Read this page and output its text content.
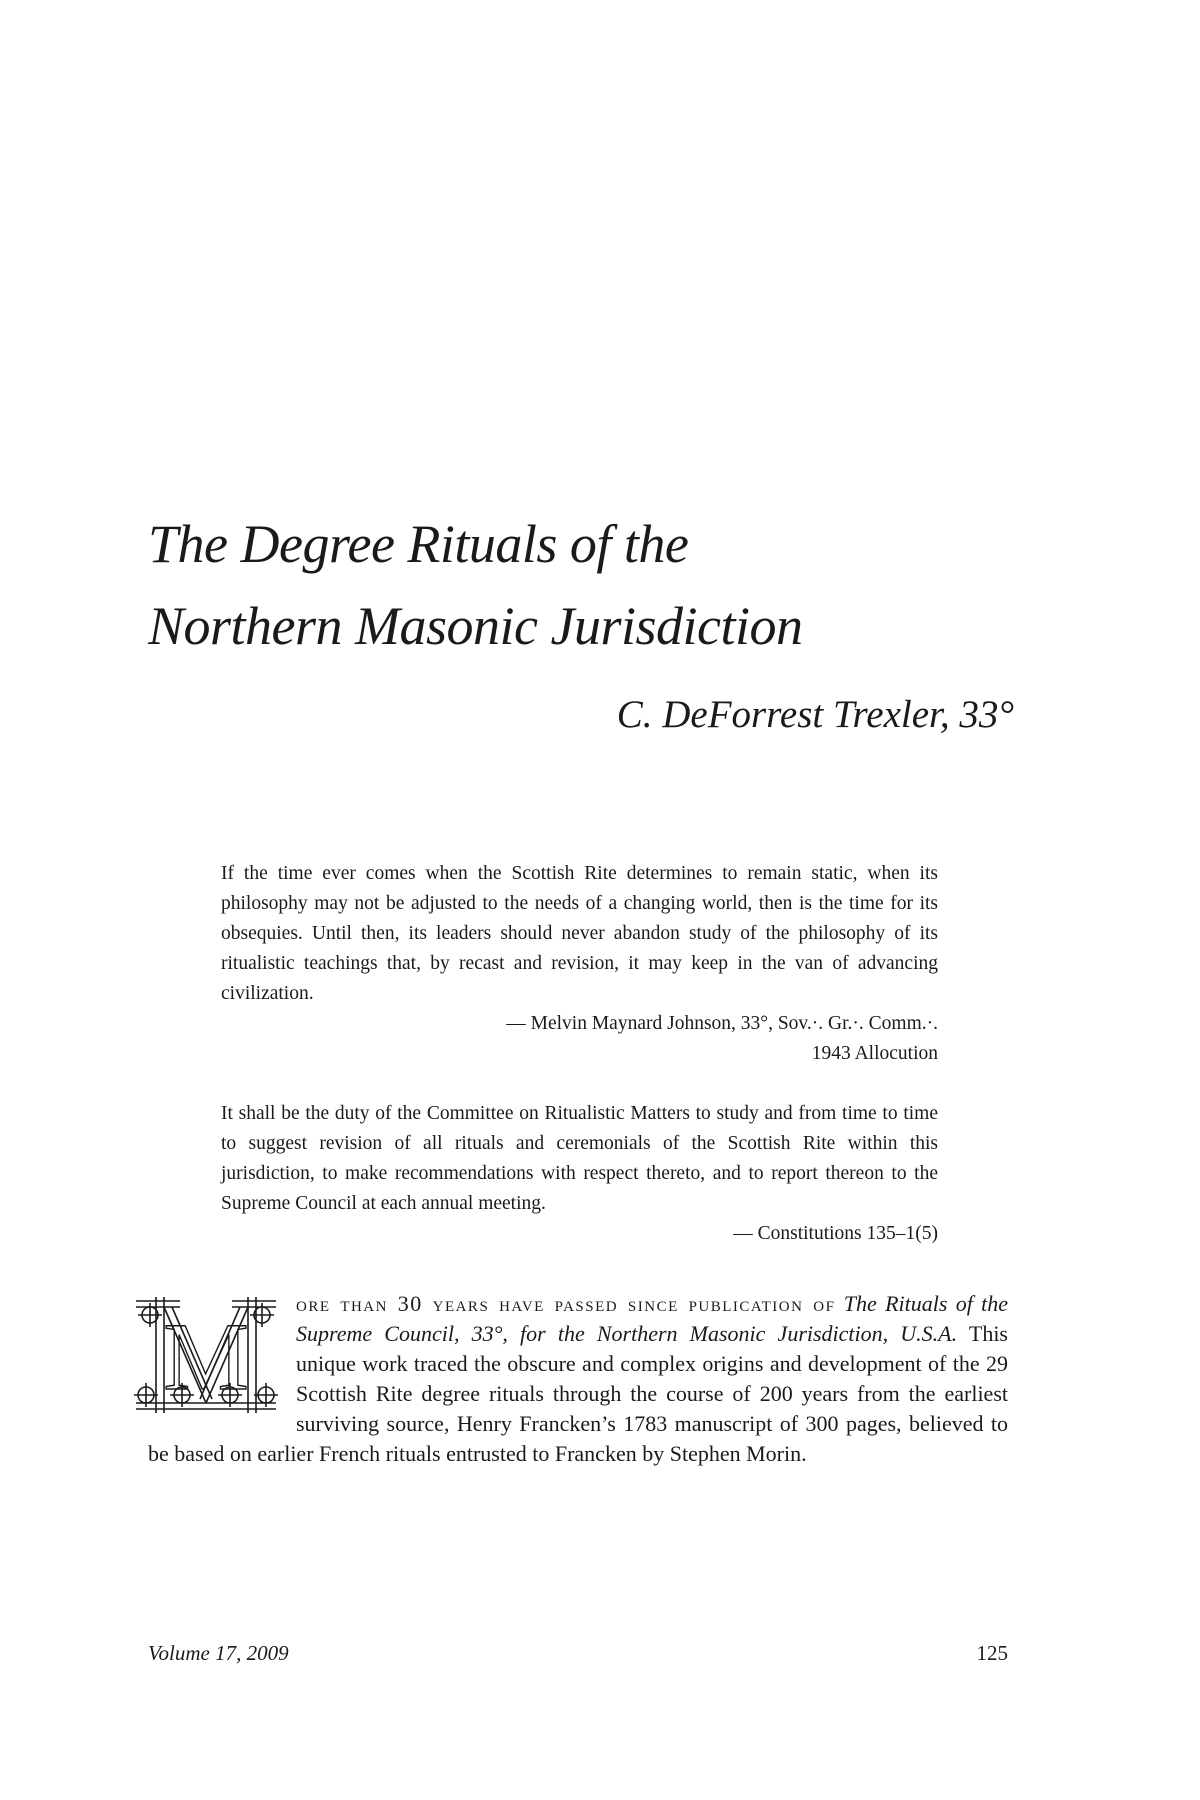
The Degree Rituals of the
Northern Masonic Jurisdiction
C. DeForrest Trexler, 33°

If the time ever comes when the Scottish Rite determines to remain static, when its philosophy may not be adjusted to the needs of a changing world, then is the time for its obsequies. Until then, its leaders should never abandon study of the philosophy of its ritualistic teachings that, by recast and revision, it may keep in the van of advancing civilization.

— Melvin Maynard Johnson, 33°, Sov.·. Gr.·. Comm.·.

1943 Allocution

It shall be the duty of the Committee on Ritualistic Matters to study and from time to time to suggest revision of all rituals and ceremonials of the Scottish Rite within this jurisdiction, to make recommendations with respect thereto, and to report thereon to the Supreme Council at each annual meeting.

— Constitutions 135–1(5)

M	ore than 30 years have passed since publication of The Rituals of the Supreme Council, 33°, for the Northern Masonic Jurisdiction, U.S.A. This unique work traced the obscure and complex origins and development of the 29 Scottish Rite degree rituals through the course of 200 years from the earliest surviving source, Henry Francken’s 1783 manuscript of 300 pages, believed to be based on earlier French rituals entrusted to Francken by Stephen Morin.

Volume 17, 2009	125
